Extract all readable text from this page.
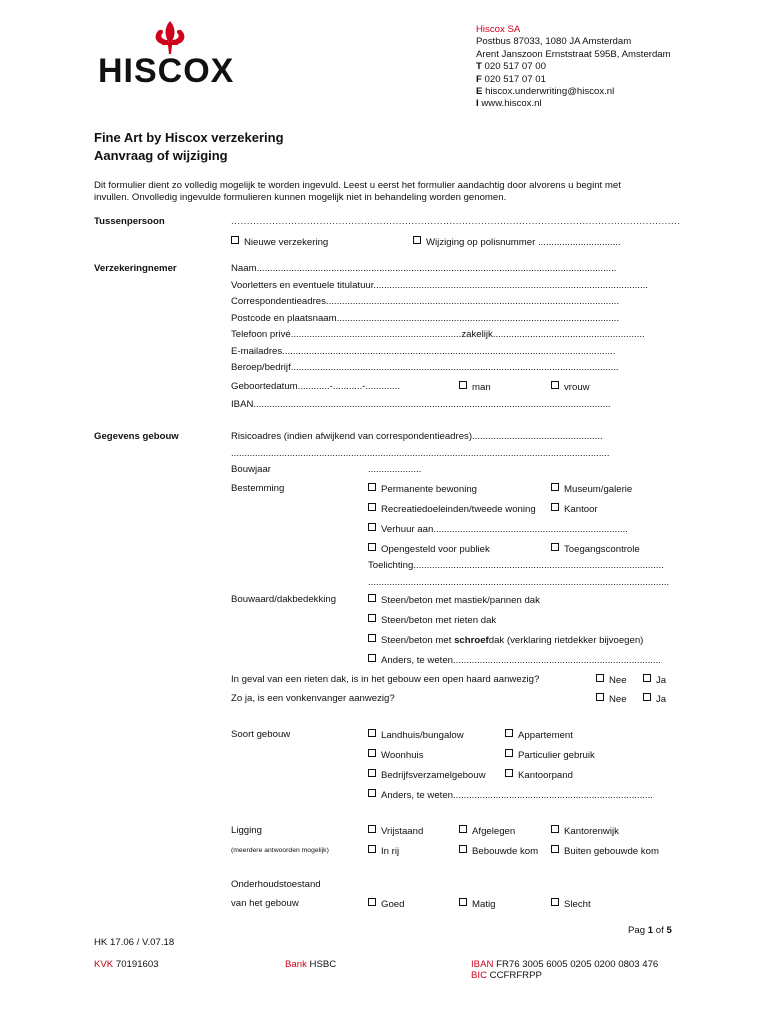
HISCOX
Hiscox SA
Postbus 87033, 1080 JA Amsterdam
Arent Janszoon Ernststraat 595B, Amsterdam
T 020 517 07 00
F 020 517 07 01
E hiscox.underwriting@hiscox.nl
I www.hiscox.nl
Fine Art by Hiscox verzekering
Aanvraag of wijziging
Dit formulier dient zo volledig mogelijk te worden ingevuld. Leest u eerst het formulier aandachtig door alvorens u begint met
invullen. Onvolledig ingevulde formulieren kunnen mogelijk niet in behandeling worden genomen.
Tussenpersoon	..............................................................................................................................................
Nieuwe verzekering	Wijziging op polisnummer ...............................
Verzekeringnemer	Naam.......................................................................................................................................
Voorletters en eventuele titulatuur.......................................................................................................
Correspondentieadres..............................................................................................................
Postcode en plaatsnaam..........................................................................................................
Telefoon privé................................................................zakelijk.........................................................
E-mailadres.............................................................................................................................
Beroep/bedrijf...........................................................................................................................
Geboortedatum............-...........-.............	man	vrouw
IBAN......................................................................................................................................
Gegevens gebouw	Risicoadres (indien afwijkend van correspondentieadres).................................................
..............................................................................................................................................
Bouwjaar	....................
Bestemming	Permanente bewoning	Museum/galerie
Recreatiedoeleinden/tweede woning	Kantoor
Verhuur aan.........................................................................
Opengesteld voor publiek	Toegangscontrole
Toelichting..............................................................................................
.................................................................................................................
Bouwaard/dakbedekking	Steen/beton met mastiek/pannen dak
Steen/beton met rieten dak
Steen/beton met schroefdak (verklaring rietdekker bijvoegen)
Anders, te weten..............................................................................
In geval van een rieten dak, is in het gebouw een open haard aanwezig?	Nee	Ja
Zo ja, is een vonkenvanger aanwezig?	Nee	Ja
Soort gebouw	Landhuis/bungalow	Appartement
Woonhuis	Particulier gebruik
Bedrijfsverzamelgebouw	Kantoorpand
Anders, te weten...........................................................................
Ligging
(meerdere antwoorden mogelijk)
Vrijstaand	Afgelegen	Kantorenwijk
In rij	Bebouwde kom	Buiten gebouwde kom
Onderhoudstoestand
van het gebouw	Goed	Matig	Slecht
Pag 1 of 5
HK 17.06 / V.07.18
KVK 70191603	Bank HSBC	IBAN FR76 3005 6005 0205 0200 0803 476
BIC CCFRFRPP
